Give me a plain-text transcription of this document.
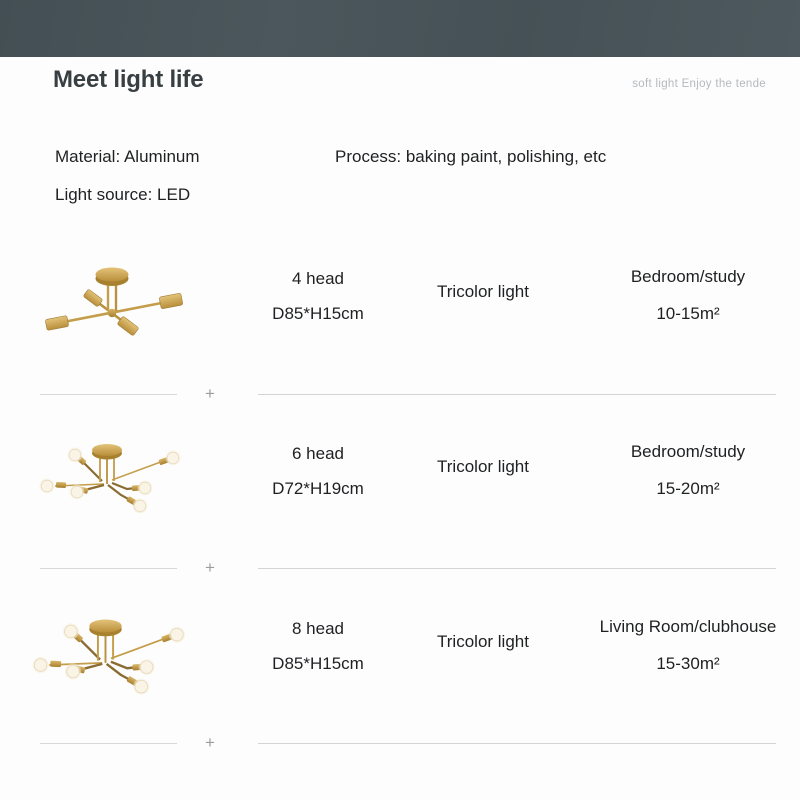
Meet light life	soft light Enjoy the tende
Material: Aluminum	Process: baking paint, polishing, etc
Light source: LED
4 head
D85*H15cm
Tricolor light
Bedroom/study
10-15m²
+
6 head
D72*H19cm
Tricolor light
Bedroom/study
15-20m²
+
8 head
D85*H15cm
Tricolor light
Living Room/clubhouse
15-30m²
+
